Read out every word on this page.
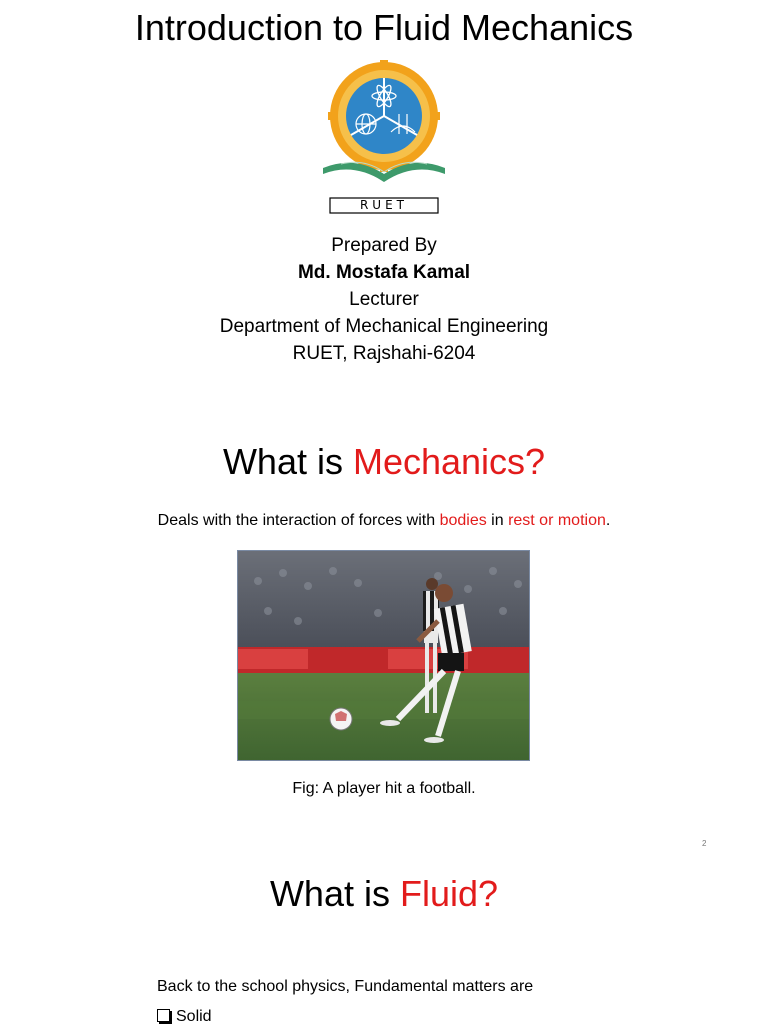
Introduction to Fluid Mechanics
RUET
Prepared By
Md. Mostafa Kamal
Lecturer
Department of Mechanical Engineering
RUET, Rajshahi-6204
What is Mechanics?
Deals with the interaction of forces with bodies in rest or motion.
Fig: A player hit a football.
2
What is Fluid?
Back to the school physics, Fundamental matters are
Solid
